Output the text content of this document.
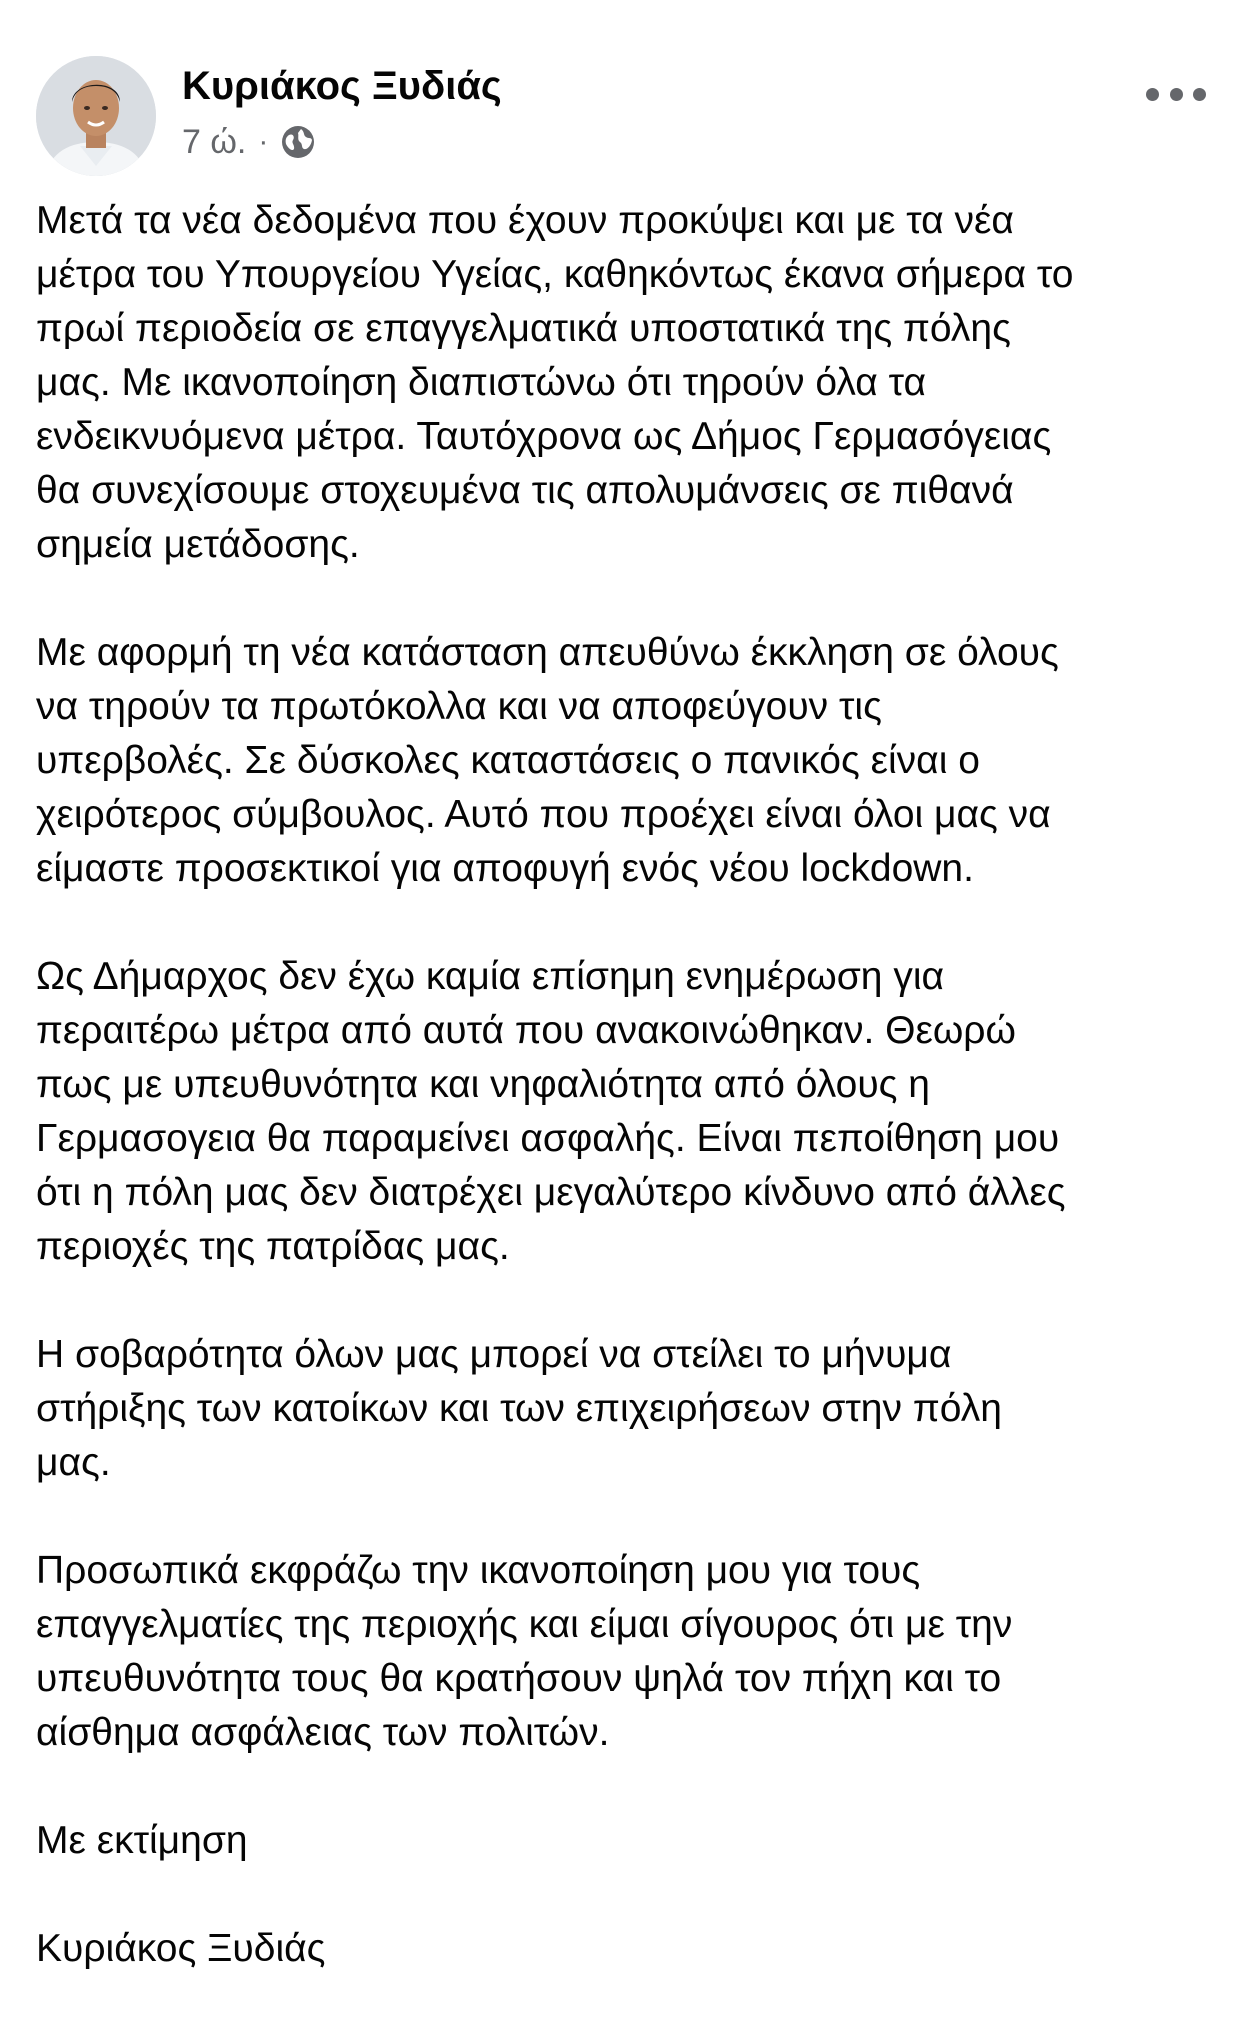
Κυριάκος Ξυδιάς
7 ώ. ·

Μετά τα νέα δεδομένα που έχουν προκύψει και με τα νέα

μέτρα του Υπουργείου Υγείας, καθηκόντως έκανα σήμερα το

πρωί περιοδεία σε επαγγελματικά υποστατικά της πόλης

μας. Με ικανοποίηση διαπιστώνω ότι τηρούν όλα τα

ενδεικνυόμενα μέτρα. Ταυτόχρονα ως Δήμος Γερμασόγειας

θα συνεχίσουμε στοχευμένα τις απολυμάνσεις σε πιθανά

σημεία μετάδοσης.

Με αφορμή τη νέα κατάσταση απευθύνω έκκληση σε όλους

να τηρούν τα πρωτόκολλα και να αποφεύγουν τις

υπερβολές. Σε δύσκολες καταστάσεις ο πανικός είναι ο

χειρότερος σύμβουλος. Αυτό που προέχει είναι όλοι μας να

είμαστε προσεκτικοί για αποφυγή ενός νέου lockdown.

Ως Δήμαρχος δεν έχω καμία επίσημη ενημέρωση για

περαιτέρω μέτρα από αυτά που ανακοινώθηκαν. Θεωρώ

πως με υπευθυνότητα και νηφαλιότητα από όλους η

Γερμασογεια θα παραμείνει ασφαλής. Είναι πεποίθηση μου

ότι η πόλη μας δεν διατρέχει μεγαλύτερο κίνδυνο από άλλες

περιοχές της πατρίδας μας.

Η σοβαρότητα όλων μας μπορεί να στείλει το μήνυμα

στήριξης των κατοίκων και των επιχειρήσεων στην πόλη

μας.

Προσωπικά εκφράζω την ικανοποίηση μου για τους

επαγγελματίες της περιοχής και είμαι σίγουρος ότι με την

υπευθυνότητα τους θα κρατήσουν ψηλά τον πήχη και το

αίσθημα ασφάλειας των πολιτών.

Με εκτίμηση

Κυριάκος Ξυδιάς
